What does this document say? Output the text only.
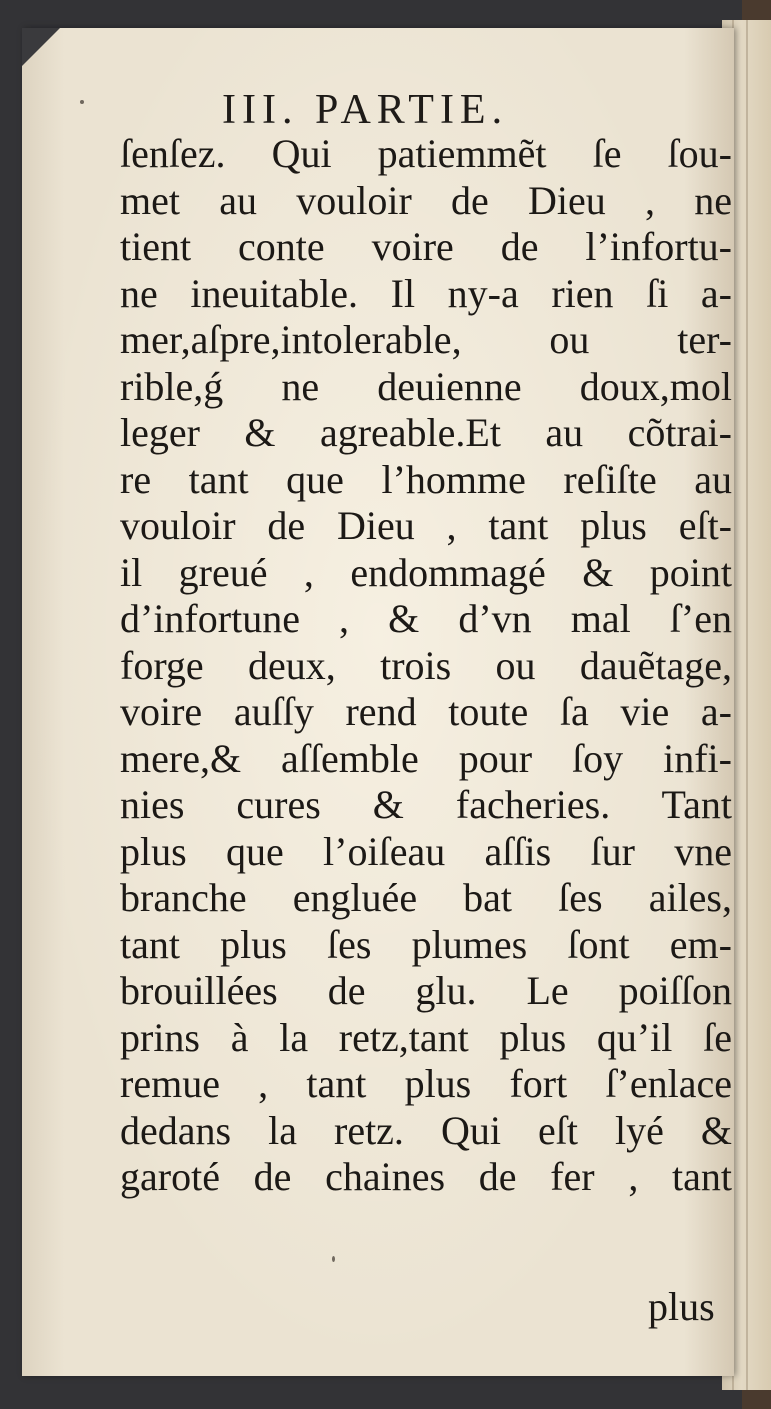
III. PARTIE.
ſenſez. Qui patiemmẽt ſe ſou-
met au vouloir de Dieu , ne
tient conte voire de l’infortu-
ne ineuitable. Il ny-a rien ſi a-
mer,aſpre,intolerable, ou ter-
rible,ǵ ne deuienne doux,mol
leger & agreable.Et au cõtrai-
re tant que l’homme reſiſte au
vouloir de Dieu , tant plus eſt-
il greué , endommagé & point
d’infortune , & d’vn mal ſ’en
forge deux, trois ou dauẽtage,
voire auſſy rend toute ſa vie a-
mere,& aſſemble pour ſoy infi-
nies cures & facheries. Tant
plus que l’oiſeau aſſis ſur vne
branche engluée bat ſes ailes,
tant plus ſes plumes ſont em-
brouillées de glu. Le poiſſon
prins à la retz,tant plus qu’il ſe
remue , tant plus fort ſ’enlace
dedans la retz. Qui eſt lyé &
garoté de chaines de fer , tant
plus
